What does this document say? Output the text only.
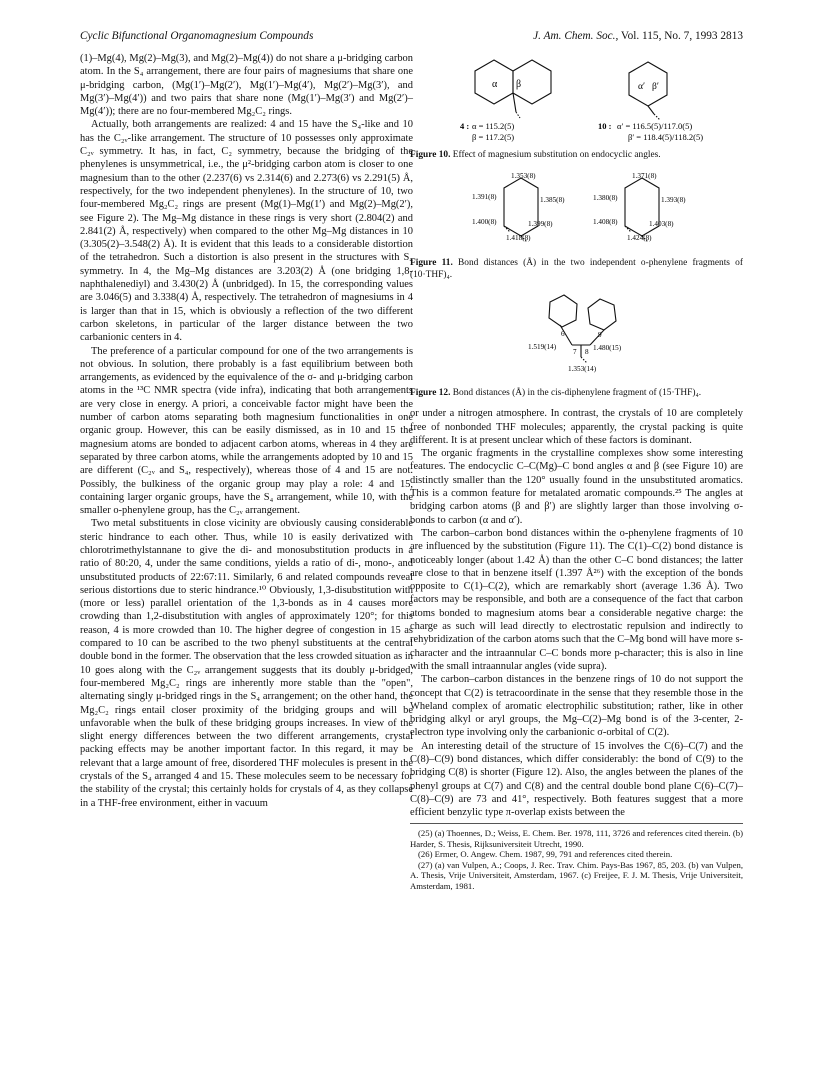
Cyclic Bifunctional Organomagnesium Compounds	J. Am. Chem. Soc., Vol. 115, No. 7, 1993 2813

(1)–Mg(4), Mg(2)–Mg(3), and Mg(2)–Mg(4)) do not share a μ-bridging carbon atom. In the S₄ arrangement, there are four pairs of magnesiums that share one μ-bridging carbon, (Mg(1′)–Mg(2′), Mg(1′)–Mg(4′), Mg(2′)–Mg(3′), and Mg(3′)–Mg(4′)) and two pairs that share none (Mg(1′)–Mg(3′) and Mg(2′)–Mg(4′)); there are no four-membered Mg₂C₂ rings.

Actually, both arrangements are realized: 4 and 15 have the S₄-like and 10 has the C₂ᵥ-like arrangement. The structure of 10 possesses only approximate C₂ᵥ symmetry. It has, in fact, C₂ symmetry, because the bridging of the phenylenes is unsymmetrical, i.e., the μ²-bridging carbon atom is closer to one magnesium than to the other (2.237(6) vs 2.314(6) and 2.273(6) vs 2.291(5) Å, respectively, for the two independent phenylenes). In the structure of 10, two four-membered Mg₂C₂ rings are present (Mg(1)–Mg(1′) and Mg(2)–Mg(2′), see Figure 2). The Mg–Mg distance in these rings is very short (2.804(2) and 2.841(2) Å, respectively) when compared to the other Mg–Mg distances in 10 (3.305(2)–3.548(2) Å). It is evident that this leads to a considerable distortion of the tetrahedron. Such a distortion is also present in the structures with S₄ symmetry. In 4, the Mg–Mg distances are 3.203(2) Å (one bridging 1,8-naphthalenediyl) and 3.430(2) Å (unbridged). In 15, the corresponding values are 3.046(5) and 3.338(4) Å, respectively. The tetrahedron of magnesiums in 4 is larger than that in 15, which is obviously a reflection of the two different carbon skeletons, in particular of the larger distance between the two carbanionic centers in 4.

The preference of a particular compound for one of the two arrangements is not obvious. In solution, there probably is a fast equilibrium between both arrangements, as evidenced by the equivalence of the σ- and μ-bridging carbon atoms in the ¹³C NMR spectra (vide infra), indicating that both arrangements are very close in energy. A priori, a conceivable factor might have been the number of carbon atoms separating both magnesium functionalities in one organic group. However, this can be easily dismissed, as in 10 and 15 the magnesium atoms are bonded to adjacent carbon atoms, whereas in 4 they are separated by three carbon atoms, while the arrangements adopted by 10 and 15 are different (C₂ᵥ and S₄, respectively), whereas those of 4 and 15 are not. Possibly, the bulkiness of the organic group may play a role: 4 and 15, containing larger organic groups, have the S₄ arrangement, while 10, with the smaller o-phenylene group, has the C₂ᵥ arrangement.

Two metal substituents in close vicinity are obviously causing considerable steric hindrance to each other. Thus, while 10 is easily derivatized with chlorotrimethylstannane to give the di- and monosubstitution products in a ratio of 80:20, 4, under the same conditions, yields a ratio of di-, mono-, and unsubstituted products of 22:67:11. Similarly, 6 and related compounds reveal serious distortions due to steric hindrance.¹⁰ Obviously, 1,3-disubstitution with (more or less) parallel orientation of the 1,3-bonds as in 4 causes more crowding than 1,2-disubstitution with angles of approximately 120°; for this reason, 4 is more crowded than 10. The higher degree of congestion in 15 as compared to 10 can be ascribed to the two phenyl substituents at the central double bond in the former. The observation that the less crowded situation as in 10 goes along with the C₂ᵥ arrangement suggests that its doubly μ-bridged, four-membered Mg₂C₂ rings are inherently more stable than the "open", alternating singly μ-bridged rings in the S₄ arrangement; on the other hand, the Mg₂C₂ rings entail closer proximity of the bridging groups and will be unfavorable when the bulk of these bridging groups increases. In view of the slight energy differences between the two different arrangements, crystal packing effects may be another important factor. In this regard, it may be relevant that a large amount of free, disordered THF molecules is present in the crystals of the S₄ arranged 4 and 15. These molecules seem to be necessary for the stability of the crystal; this certainly holds for crystals of 4, as they collapse in a THF-free environment, either in vacuum

α β	α′ β′
4 : α = 115.2(5)
β = 117.2(5)
10 : α′ = 116.5(5)/117.0(5)
β′ = 118.4(5)/118.2(5)
Figure 10. Effect of magnesium substitution on endocyclic angles.
1.353(8)
1.391(8)	1.385(8)
1.400(8)	1.399(8)
1.418(8)
1.371(8)
1.380(8)	1.393(8)
1.408(8)	1.403(8)
1.424(8)
Figure 11. Bond distances (Å) in the two independent o-phenylene fragments of (10·THF)₄.
1.519(14)	1.480(15)
1.353(14)
6	9
7 8
Figure 12. Bond distances (Å) in the cis-diphenylene fragment of (15·THF)₄.

or under a nitrogen atmosphere. In contrast, the crystals of 10 are completely free of nonbonded THF molecules; apparently, the crystal packing is quite different. It is at present unclear which of these factors is dominant.

The organic fragments in the crystalline complexes show some interesting features. The endocyclic C–C(Mg)–C bond angles α and β (see Figure 10) are distinctly smaller than the 120° usually found in the unsubstituted aromatics. This is a common feature for metalated aromatic compounds.²⁵ The angles at bridging carbon atoms (β and β′) are slightly larger than those involving σ-bonds to carbon (α and α′).

The carbon–carbon bond distances within the o-phenylene fragments of 10 are influenced by the substitution (Figure 11). The C(1)–C(2) bond distance is noticeably longer (about 1.42 Å) than the other C–C bond distances; the latter are close to that in benzene itself (1.397 Å²⁶) with the exception of the bonds opposite to C(1)–C(2), which are remarkably short (average 1.36 Å). Two factors may be responsible, and both are a consequence of the fact that carbon atoms bonded to magnesium atoms bear a considerable negative charge: the charge as such will lead directly to electrostatic repulsion and indirectly to rehybridization of the carbon atoms such that the C–Mg bond will have more s-character and the intraannular C–C bonds more p-character; this is also in line with the small intraannular angles (vide supra).

The carbon–carbon distances in the benzene rings of 10 do not support the concept that C(2) is tetracoordinate in the sense that they resemble those in the Wheland complex of aromatic electrophilic substitution; rather, like in other bridging alkyl or aryl groups, the Mg–C(2)–Mg bond is of the 3-center, 2-electron type involving only the carbanionic σ-orbital of C(2).

An interesting detail of the structure of 15 involves the C(6)–C(7) and the C(8)–C(9) bond distances, which differ considerably: the bond of C(9) to the bridging C(8) is shorter (Figure 12). Also, the angles between the planes of the phenyl groups at C(7) and C(8) and the central double bond plane C(6)–C(7)–C(8)–C(9) are 73 and 41°, respectively. Both features suggest that a more efficient benzylic type π-overlap exists between the

(25) (a) Thoennes, D.; Weiss, E. Chem. Ber. 1978, 111, 3726 and references cited therein. (b) Harder, S. Thesis, Rijksuniversiteit Utrecht, 1990.
(26) Ermer, O. Angew. Chem. 1987, 99, 791 and references cited therein.
(27) (a) van Vulpen, A.; Coops, J. Rec. Trav. Chim. Pays-Bas 1967, 85, 203. (b) van Vulpen, A. Thesis, Vrije Universiteit, Amsterdam, 1967. (c) Freijee, F. J. M. Thesis, Vrije Universiteit, Amsterdam, 1981.
